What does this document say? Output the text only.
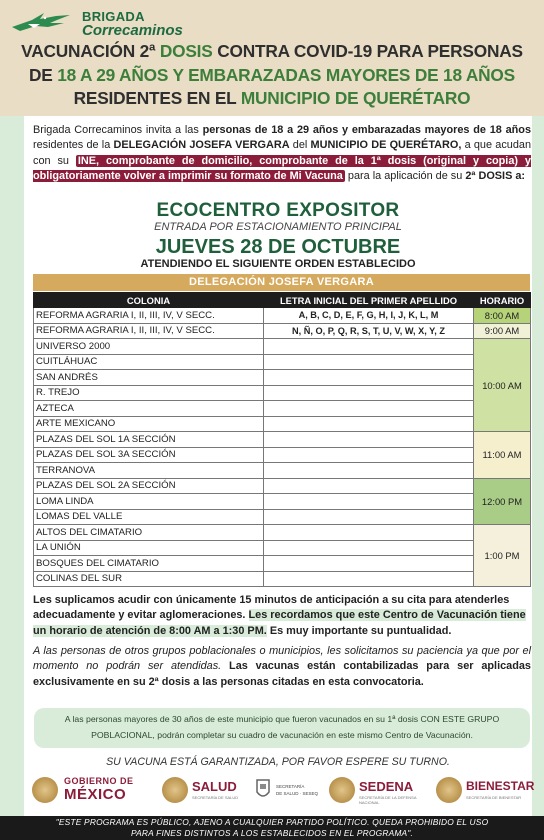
BRIGADA
Correcaminos
VACUNACIÓN 2ª DOSIS CONTRA COVID-19 PARA PERSONAS
DE 18 A 29 AÑOS Y EMBARAZADAS MAYORES DE 18 AÑOS
RESIDENTES EN EL MUNICIPIO DE QUERÉTARO
Brigada Correcaminos invita a las personas de 18 a 29 años y embarazadas mayores de 18 años residentes de la DELEGACIÓN JOSEFA VERGARA del MUNICIPIO DE QUERÉTARO, a que acudan con su INE, comprobante de domicilio, comprobante de la 1ª dosis (original y copia) y obligatoriamente volver a imprimir su formato de Mi Vacuna para la aplicación de su 2ª DOSIS a:
ECOCENTRO EXPOSITOR
ENTRADA POR ESTACIONAMIENTO PRINCIPAL
JUEVES 28 DE OCTUBRE
ATENDIENDO EL SIGUIENTE ORDEN ESTABLECIDO
DELEGACIÓN JOSEFA VERGARA
COLONIA	LETRA INICIAL DEL PRIMER APELLIDO	HORARIO
REFORMA AGRARIA I, II, III, IV, V SECC.	A, B, C, D, E, F, G, H, I, J, K, L, M	8:00 AM
REFORMA AGRARIA I, II, III, IV, V SECC.	N, Ñ, O, P, Q, R, S, T, U, V, W, X, Y, Z	9:00 AM
UNIVERSO 2000		10:00 AM
CUITLÁHUAC		
SAN ANDRÉS		
R. TREJO		
AZTECA		
ARTE MEXICANO		
PLAZAS DEL SOL 1A SECCIÓN		11:00 AM
PLAZAS DEL SOL 3A SECCIÓN		
TERRANOVA		
PLAZAS DEL SOL 2A SECCIÓN		12:00 PM
LOMA LINDA		
LOMAS DEL VALLE		
ALTOS DEL CIMATARIO		1:00 PM
LA UNIÓN		
BOSQUES DEL CIMATARIO		
COLINAS DEL SUR		
Les suplicamos acudir con únicamente 15 minutos de anticipación a su cita para atenderles adecuadamente y evitar aglomeraciones. Les recordamos que este Centro de Vacunación tiene un horario de atención de 8:00 AM a 1:30 PM. Es muy importante su puntualidad.
A las personas de otros grupos poblacionales o municipios, les solicitamos su paciencia ya que por el momento no podrán ser atendidas. Las vacunas están contabilizadas para ser aplicadas exclusivamente en su 2ª dosis a las personas citadas en esta convocatoria.
A las personas mayores de 30 años de este municipio que fueron vacunados en su 1ª dosis CON ESTE GRUPO POBLACIONAL, podrán completar su cuadro de vacunación en este mismo Centro de Vacunación.
SU VACUNA ESTÁ GARANTIZADA, POR FAVOR ESPERE SU TURNO.
GOBIERNO DE
MÉXICO	SALUD
SECRETARÍA DE SALUD
SECRETARÍA
DE SALUD · SESEQ	SEDENA
SECRETARÍA DE LA DEFENSA NACIONAL
BIENESTAR
SECRETARÍA DE BIENESTAR
"ESTE PROGRAMA ES PÚBLICO, AJENO A CUALQUIER PARTIDO POLÍTICO. QUEDA PROHIBIDO EL USO
PARA FINES DISTINTOS A LOS ESTABLECIDOS EN EL PROGRAMA".
